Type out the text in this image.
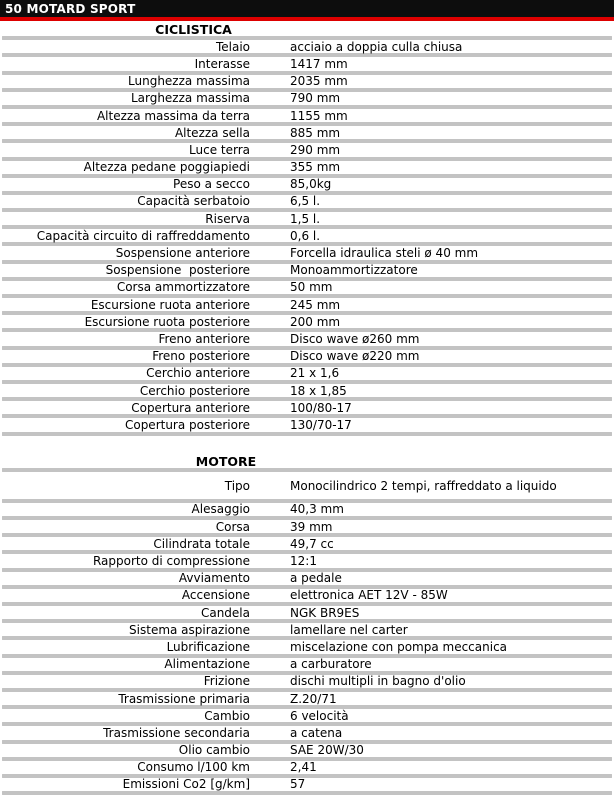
50 MOTARD SPORT
CICLISTICA
Telaio	acciaio a doppia culla chiusa
Interasse	1417 mm
Lunghezza massima	2035 mm
Larghezza massima	790 mm
Altezza massima da terra	1155 mm
Altezza sella	885 mm
Luce terra	290 mm
Altezza pedane poggiapiedi	355 mm
Peso a secco	85,0kg
Capacità serbatoio	6,5 l.
Riserva	1,5 l.
Capacità circuito di raffreddamento	0,6 l.
Sospensione anteriore	Forcella idraulica steli ø 40 mm
Sospensione  posteriore	Monoammortizzatore
Corsa ammortizzatore	50 mm
Escursione ruota anteriore	245 mm
Escursione ruota posteriore	200 mm
Freno anteriore	Disco wave ø260 mm
Freno posteriore	Disco wave ø220 mm
Cerchio anteriore	21 x 1,6
Cerchio posteriore	18 x 1,85
Copertura anteriore	100/80-17
Copertura posteriore	130/70-17
MOTORE
Tipo	Monocilindrico 2 tempi, raffreddato a liquido
Alesaggio	40,3 mm
Corsa	39 mm
Cilindrata totale	49,7 cc
Rapporto di compressione	12:1
Avviamento	a pedale
Accensione	elettronica AET 12V - 85W
Candela	NGK BR9ES
Sistema aspirazione	lamellare nel carter
Lubrificazione	miscelazione con pompa meccanica
Alimentazione	a carburatore
Frizione	dischi multipli in bagno d'olio
Trasmissione primaria	Z.20/71
Cambio	6 velocità
Trasmissione secondaria	a catena
Olio cambio	SAE 20W/30
Consumo l/100 km	2,41
Emissioni Co2 [g/km]	57
